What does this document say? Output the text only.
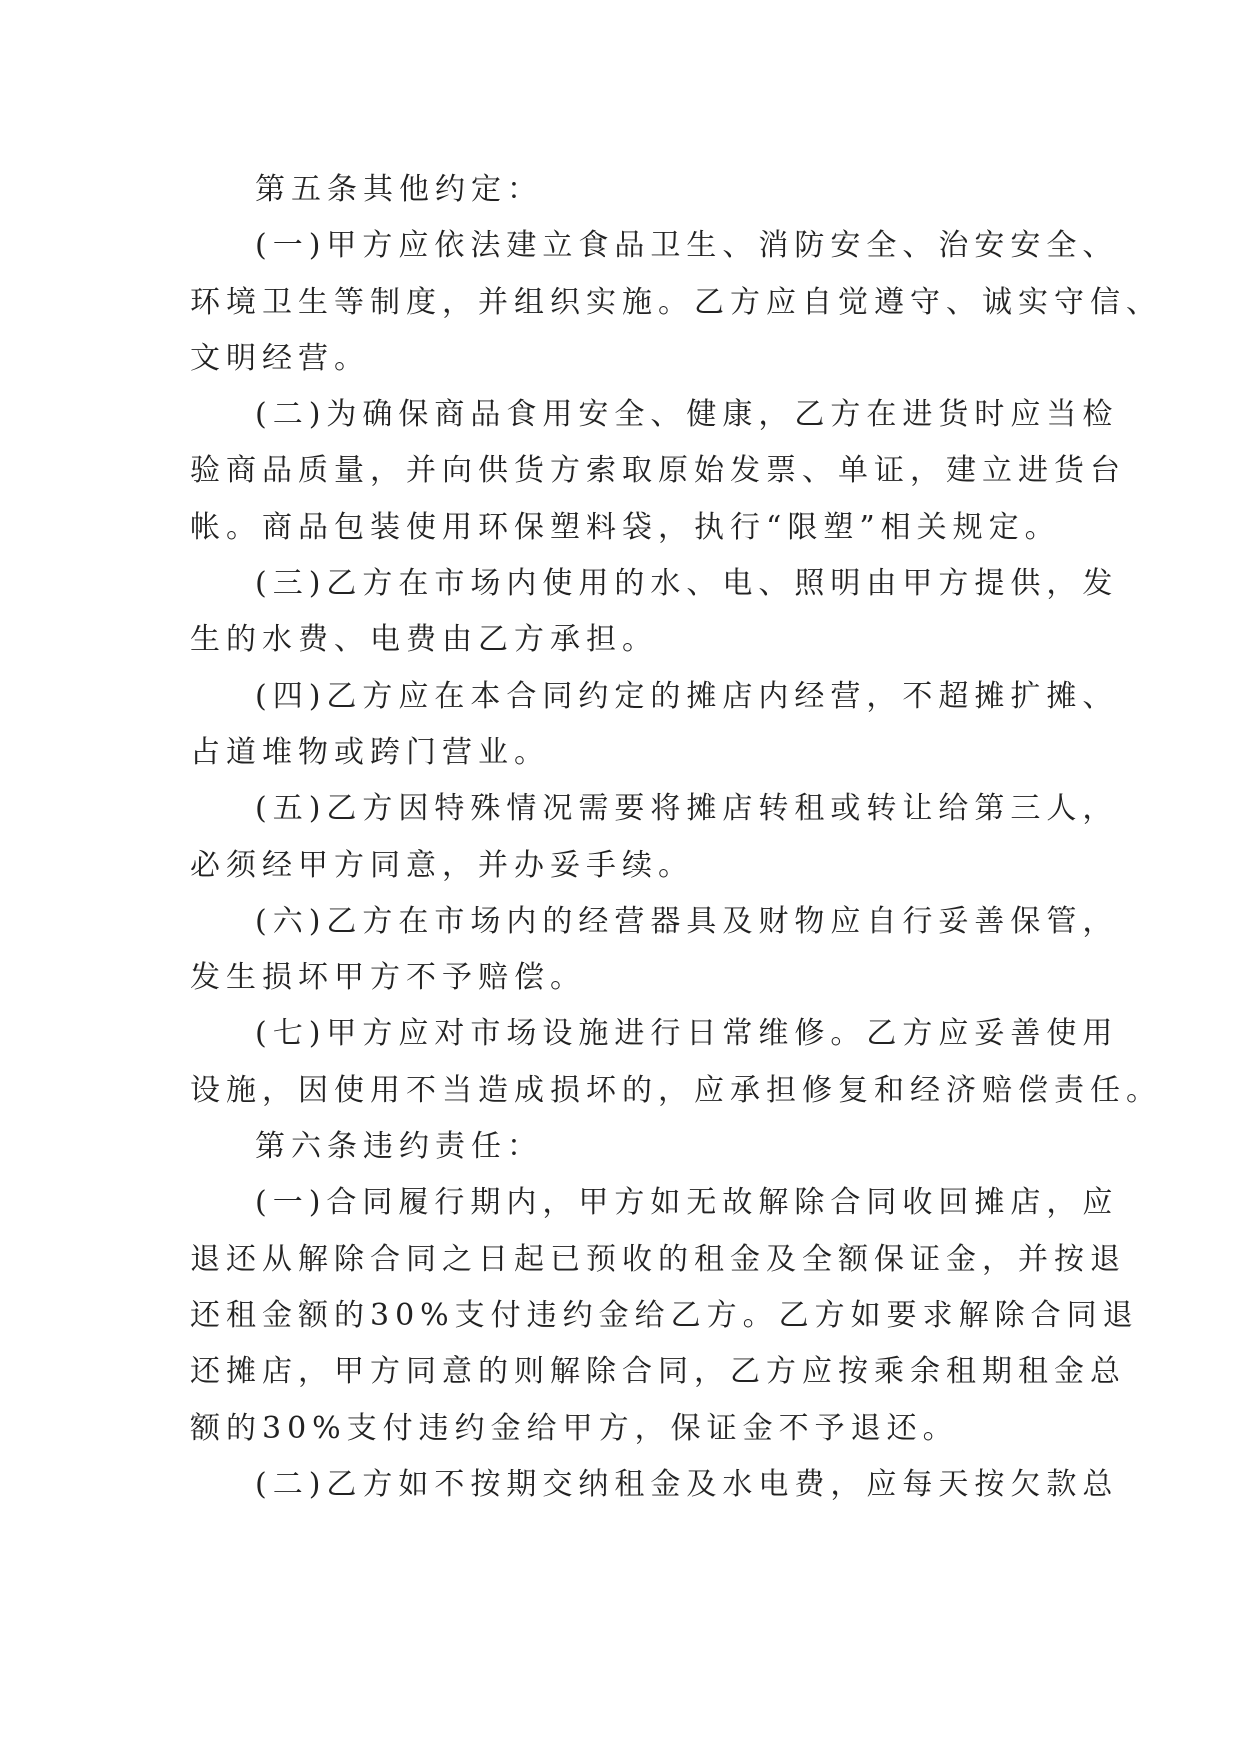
第五条其他约定：
(一)甲方应依法建立食品卫生、消防安全、治安安全、
环境卫生等制度，并组织实施。乙方应自觉遵守、诚实守信、
文明经营。
(二)为确保商品食用安全、健康，乙方在进货时应当检
验商品质量，并向供货方索取原始发票、单证，建立进货台
帐。商品包装使用环保塑料袋，执行“限塑”相关规定。
(三)乙方在市场内使用的水、电、照明由甲方提供，发
生的水费、电费由乙方承担。
(四)乙方应在本合同约定的摊店内经营，不超摊扩摊、
占道堆物或跨门营业。
(五)乙方因特殊情况需要将摊店转租或转让给第三人，
必须经甲方同意，并办妥手续。
(六)乙方在市场内的经营器具及财物应自行妥善保管，
发生损坏甲方不予赔偿。
(七)甲方应对市场设施进行日常维修。乙方应妥善使用
设施，因使用不当造成损坏的，应承担修复和经济赔偿责任。
第六条违约责任：
(一)合同履行期内，甲方如无故解除合同收回摊店，应
退还从解除合同之日起已预收的租金及全额保证金，并按退
还租金额的30%支付违约金给乙方。乙方如要求解除合同退
还摊店，甲方同意的则解除合同，乙方应按乘余租期租金总
额的30%支付违约金给甲方，保证金不予退还。
(二)乙方如不按期交纳租金及水电费，应每天按欠款总
